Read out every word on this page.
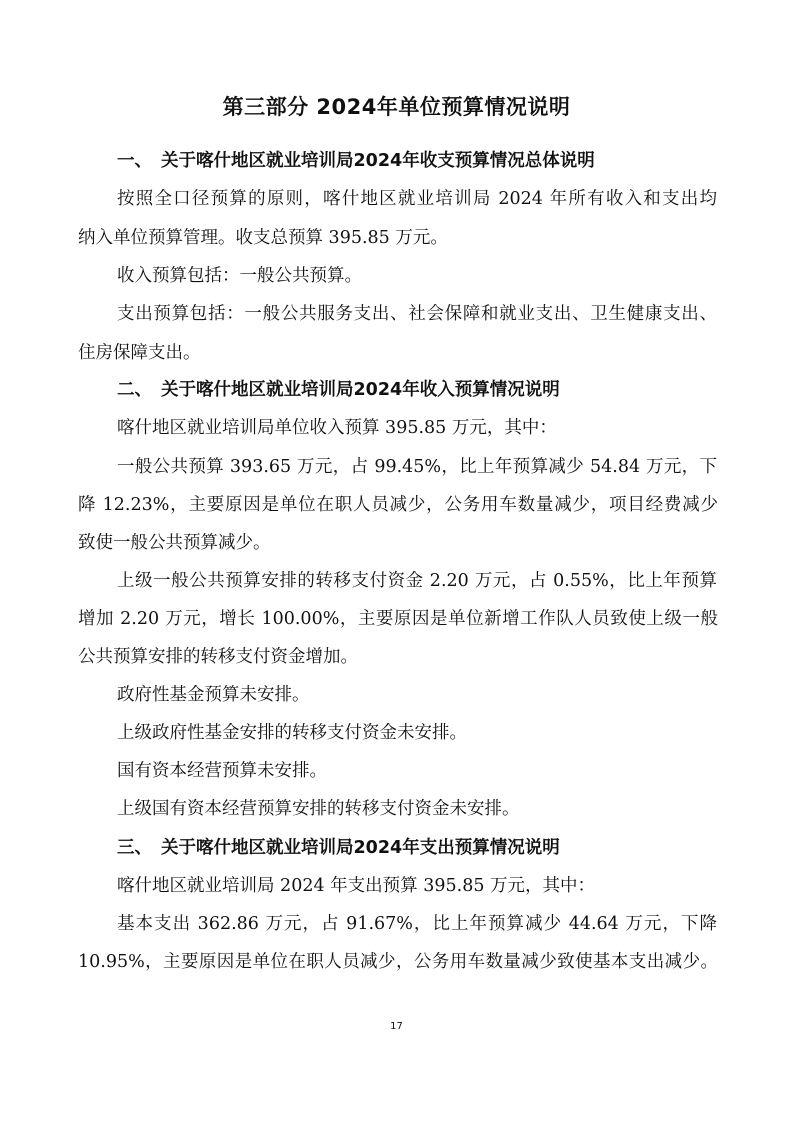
第三部分 2024年单位预算情况说明
一、 关于喀什地区就业培训局2024年收支预算情况总体说明
按照全口径预算的原则，喀什地区就业培训局 2024 年所有收入和支出均
纳入单位预算管理。收支总预算 395.85 万元。
收入预算包括：一般公共预算。
支出预算包括：一般公共服务支出、社会保障和就业支出、卫生健康支出、
住房保障支出。
二、 关于喀什地区就业培训局2024年收入预算情况说明
喀什地区就业培训局单位收入预算 395.85 万元，其中：
一般公共预算 393.65 万元，占 99.45%，比上年预算减少 54.84 万元，下
降 12.23%，主要原因是单位在职人员减少，公务用车数量减少，项目经费减少
致使一般公共预算减少。
上级一般公共预算安排的转移支付资金 2.20 万元，占 0.55%，比上年预算
增加 2.20 万元，增长 100.00%，主要原因是单位新增工作队人员致使上级一般
公共预算安排的转移支付资金增加。
政府性基金预算未安排。
上级政府性基金安排的转移支付资金未安排。
国有资本经营预算未安排。
上级国有资本经营预算安排的转移支付资金未安排。
三、 关于喀什地区就业培训局2024年支出预算情况说明
喀什地区就业培训局 2024 年支出预算 395.85 万元，其中：
基本支出 362.86 万元，占 91.67%，比上年预算减少 44.64 万元，下降
10.95%，主要原因是单位在职人员减少，公务用车数量减少致使基本支出减少。
17
